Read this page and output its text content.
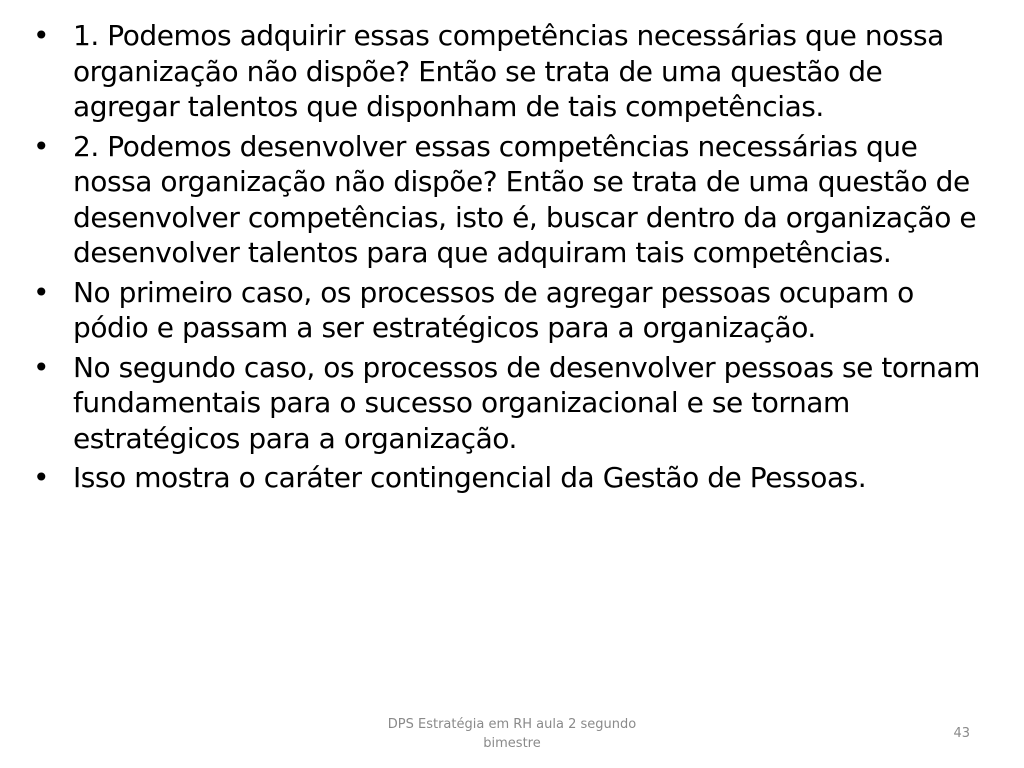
• 1. Podemos adquirir essas competências necessárias que nossa organização não dispõe? Então se trata de uma questão de agregar talentos que disponham de tais competências.
• 2. Podemos desenvolver essas competências necessárias que nossa organização não dispõe? Então se trata de uma questão de desenvolver competências, isto é, buscar dentro da organização e desenvolver talentos para que adquiram tais competências.
• No primeiro caso, os processos de agregar pessoas ocupam o pódio e passam a ser estratégicos para a organização.
• No segundo caso, os processos de desenvolver pessoas se tornam fundamentais para o sucesso organizacional e se tornam estratégicos para a organização.
• Isso mostra o caráter contingencial da Gestão de Pessoas.
DPS Estratégia em RH aula 2 segundo bimestre
43
